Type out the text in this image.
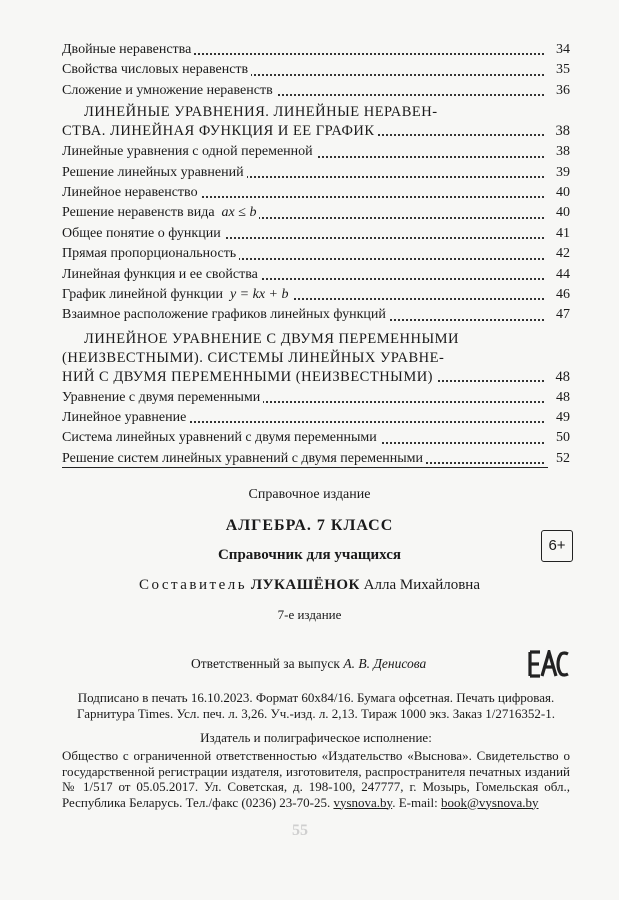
Двойные неравенства	34
Свойства числовых неравенств	35
Сложение и умножение неравенств	36
ЛИНЕЙНЫЕ УРАВНЕНИЯ. ЛИНЕЙНЫЕ НЕРАВЕН-
СТВА. ЛИНЕЙНАЯ ФУНКЦИЯ И ЕЕ ГРАФИК	38
Линейные уравнения с одной переменной	38
Решение линейных уравнений	39
Линейное неравенство	40
Решение неравенств вида ax ≤ b	40
Общее понятие о функции	41
Прямая пропорциональность	42
Линейная функция и ее свойства	44
График линейной функции y = kx + b	46
Взаимное расположение графиков линейных функций	47
ЛИНЕЙНОЕ УРАВНЕНИЕ С ДВУМЯ ПЕРЕМЕННЫМИ
(НЕИЗВЕСТНЫМИ). СИСТЕМЫ ЛИНЕЙНЫХ УРАВНЕ-
НИЙ С ДВУМЯ ПЕРЕМЕННЫМИ (НЕИЗВЕСТНЫМИ)	48
Уравнение с двумя переменными	48
Линейное уравнение	49
Система линейных уравнений с двумя переменными	50
Решение систем линейных уравнений с двумя переменными	52
Справочное издание
АЛГЕБРА. 7 КЛАСС
Справочник для учащихся
6+
Составитель ЛУКАШЁНОК Алла Михайловна
7-е издание
Ответственный за выпуск А. В. Денисова
Подписано в печать 16.10.2023. Формат 60х84/16. Бумага офсетная. Печать цифровая.
Гарнитура Times. Усл. печ. л. 3,26. Уч.-изд. л. 2,13. Тираж 1000 экз. Заказ 1/2716352-1.
Издатель и полиграфическое исполнение:
Общество с ограниченной ответственностью «Издательство «Выснова». Свидетельство о государственной регистрации издателя, изготовителя, распространителя печатных изданий № 1/517 от 05.05.2017. Ул. Советская, д. 198-100, 247777, г. Мозырь, Гомельская обл., Республика Беларусь. Тел./факс (0236) 23-70-25. vysnova.by. E-mail: book@vysnova.by
55
